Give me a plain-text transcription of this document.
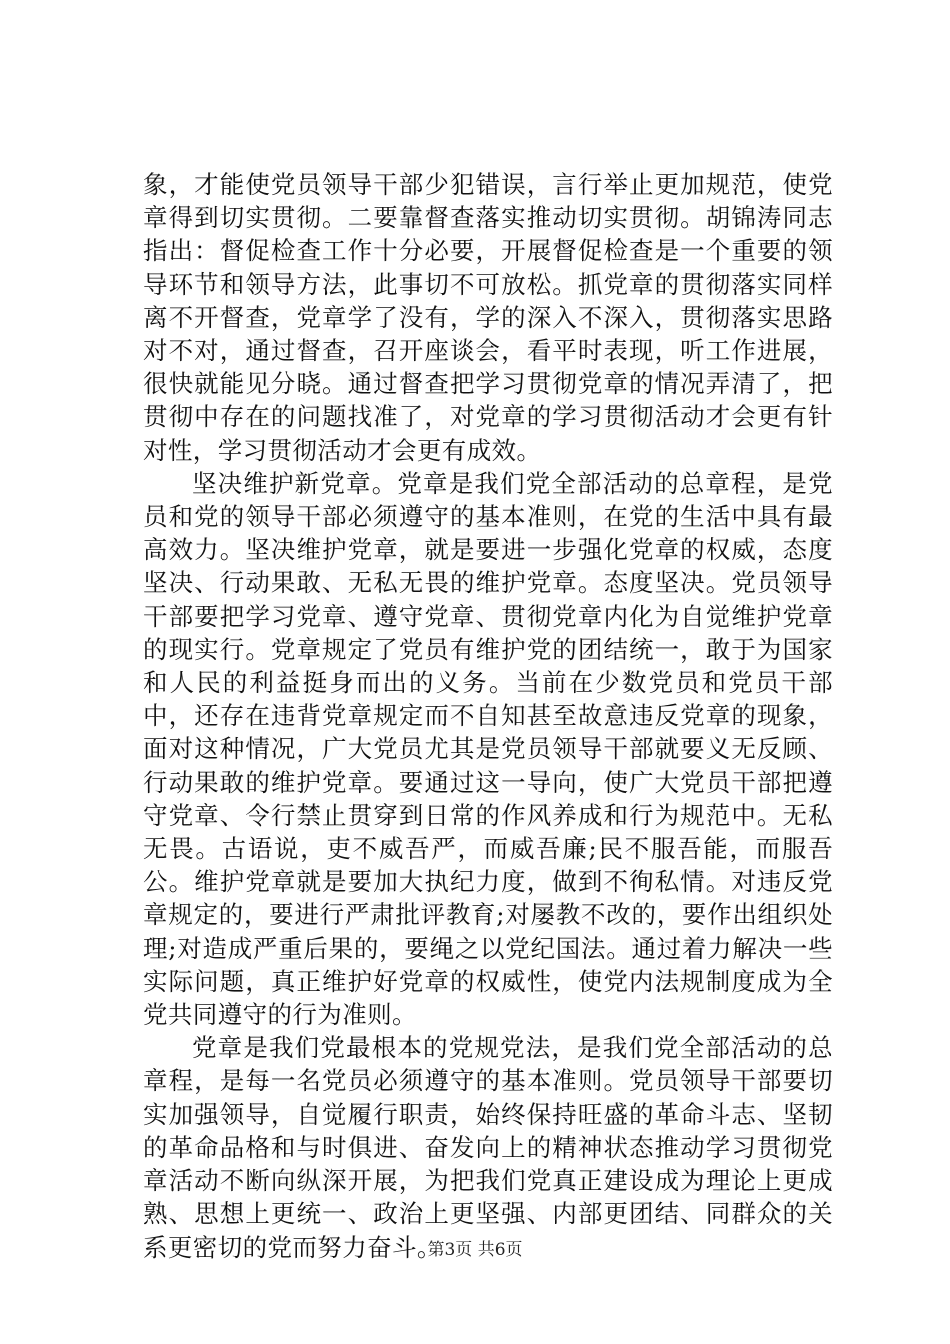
象，才能使党员领导干部少犯错误，言行举止更加规范，使党章得到切实贯彻。二要靠督查落实推动切实贯彻。胡锦涛同志指出：督促检查工作十分必要，开展督促检查是一个重要的领导环节和领导方法，此事切不可放松。抓党章的贯彻落实同样离不开督查，党章学了没有，学的深入不深入，贯彻落实思路对不对，通过督查，召开座谈会，看平时表现，听工作进展，很快就能见分晓。通过督查把学习贯彻党章的情况弄清了，把贯彻中存在的问题找准了，对党章的学习贯彻活动才会更有针对性，学习贯彻活动才会更有成效。

坚决维护新党章。党章是我们党全部活动的总章程，是党员和党的领导干部必须遵守的基本准则，在党的生活中具有最高效力。坚决维护党章，就是要进一步强化党章的权威，态度坚决、行动果敢、无私无畏的维护党章。态度坚决。党员领导干部要把学习党章、遵守党章、贯彻党章内化为自觉维护党章的现实行。党章规定了党员有维护党的团结统一，敢于为国家和人民的利益挺身而出的义务。当前在少数党员和党员干部中，还存在违背党章规定而不自知甚至故意违反党章的现象，面对这种情况，广大党员尤其是党员领导干部就要义无反顾、行动果敢的维护党章。要通过这一导向，使广大党员干部把遵守党章、令行禁止贯穿到日常的作风养成和行为规范中。无私无畏。古语说，吏不威吾严，而威吾廉;民不服吾能，而服吾公。维护党章就是要加大执纪力度，做到不徇私情。对违反党章规定的，要进行严肃批评教育;对屡教不改的，要作出组织处理;对造成严重后果的，要绳之以党纪国法。通过着力解决一些实际问题，真正维护好党章的权威性，使党内法规制度成为全党共同遵守的行为准则。

党章是我们党最根本的党规党法，是我们党全部活动的总章程，是每一名党员必须遵守的基本准则。党员领导干部要切实加强领导，自觉履行职责，始终保持旺盛的革命斗志、坚韧的革命品格和与时俱进、奋发向上的精神状态推动学习贯彻党章活动不断向纵深开展，为把我们党真正建设成为理论上更成熟、思想上更统一、政治上更坚强、内部更团结、同群众的关系更密切的党而努力奋斗。

第3页 共6页
